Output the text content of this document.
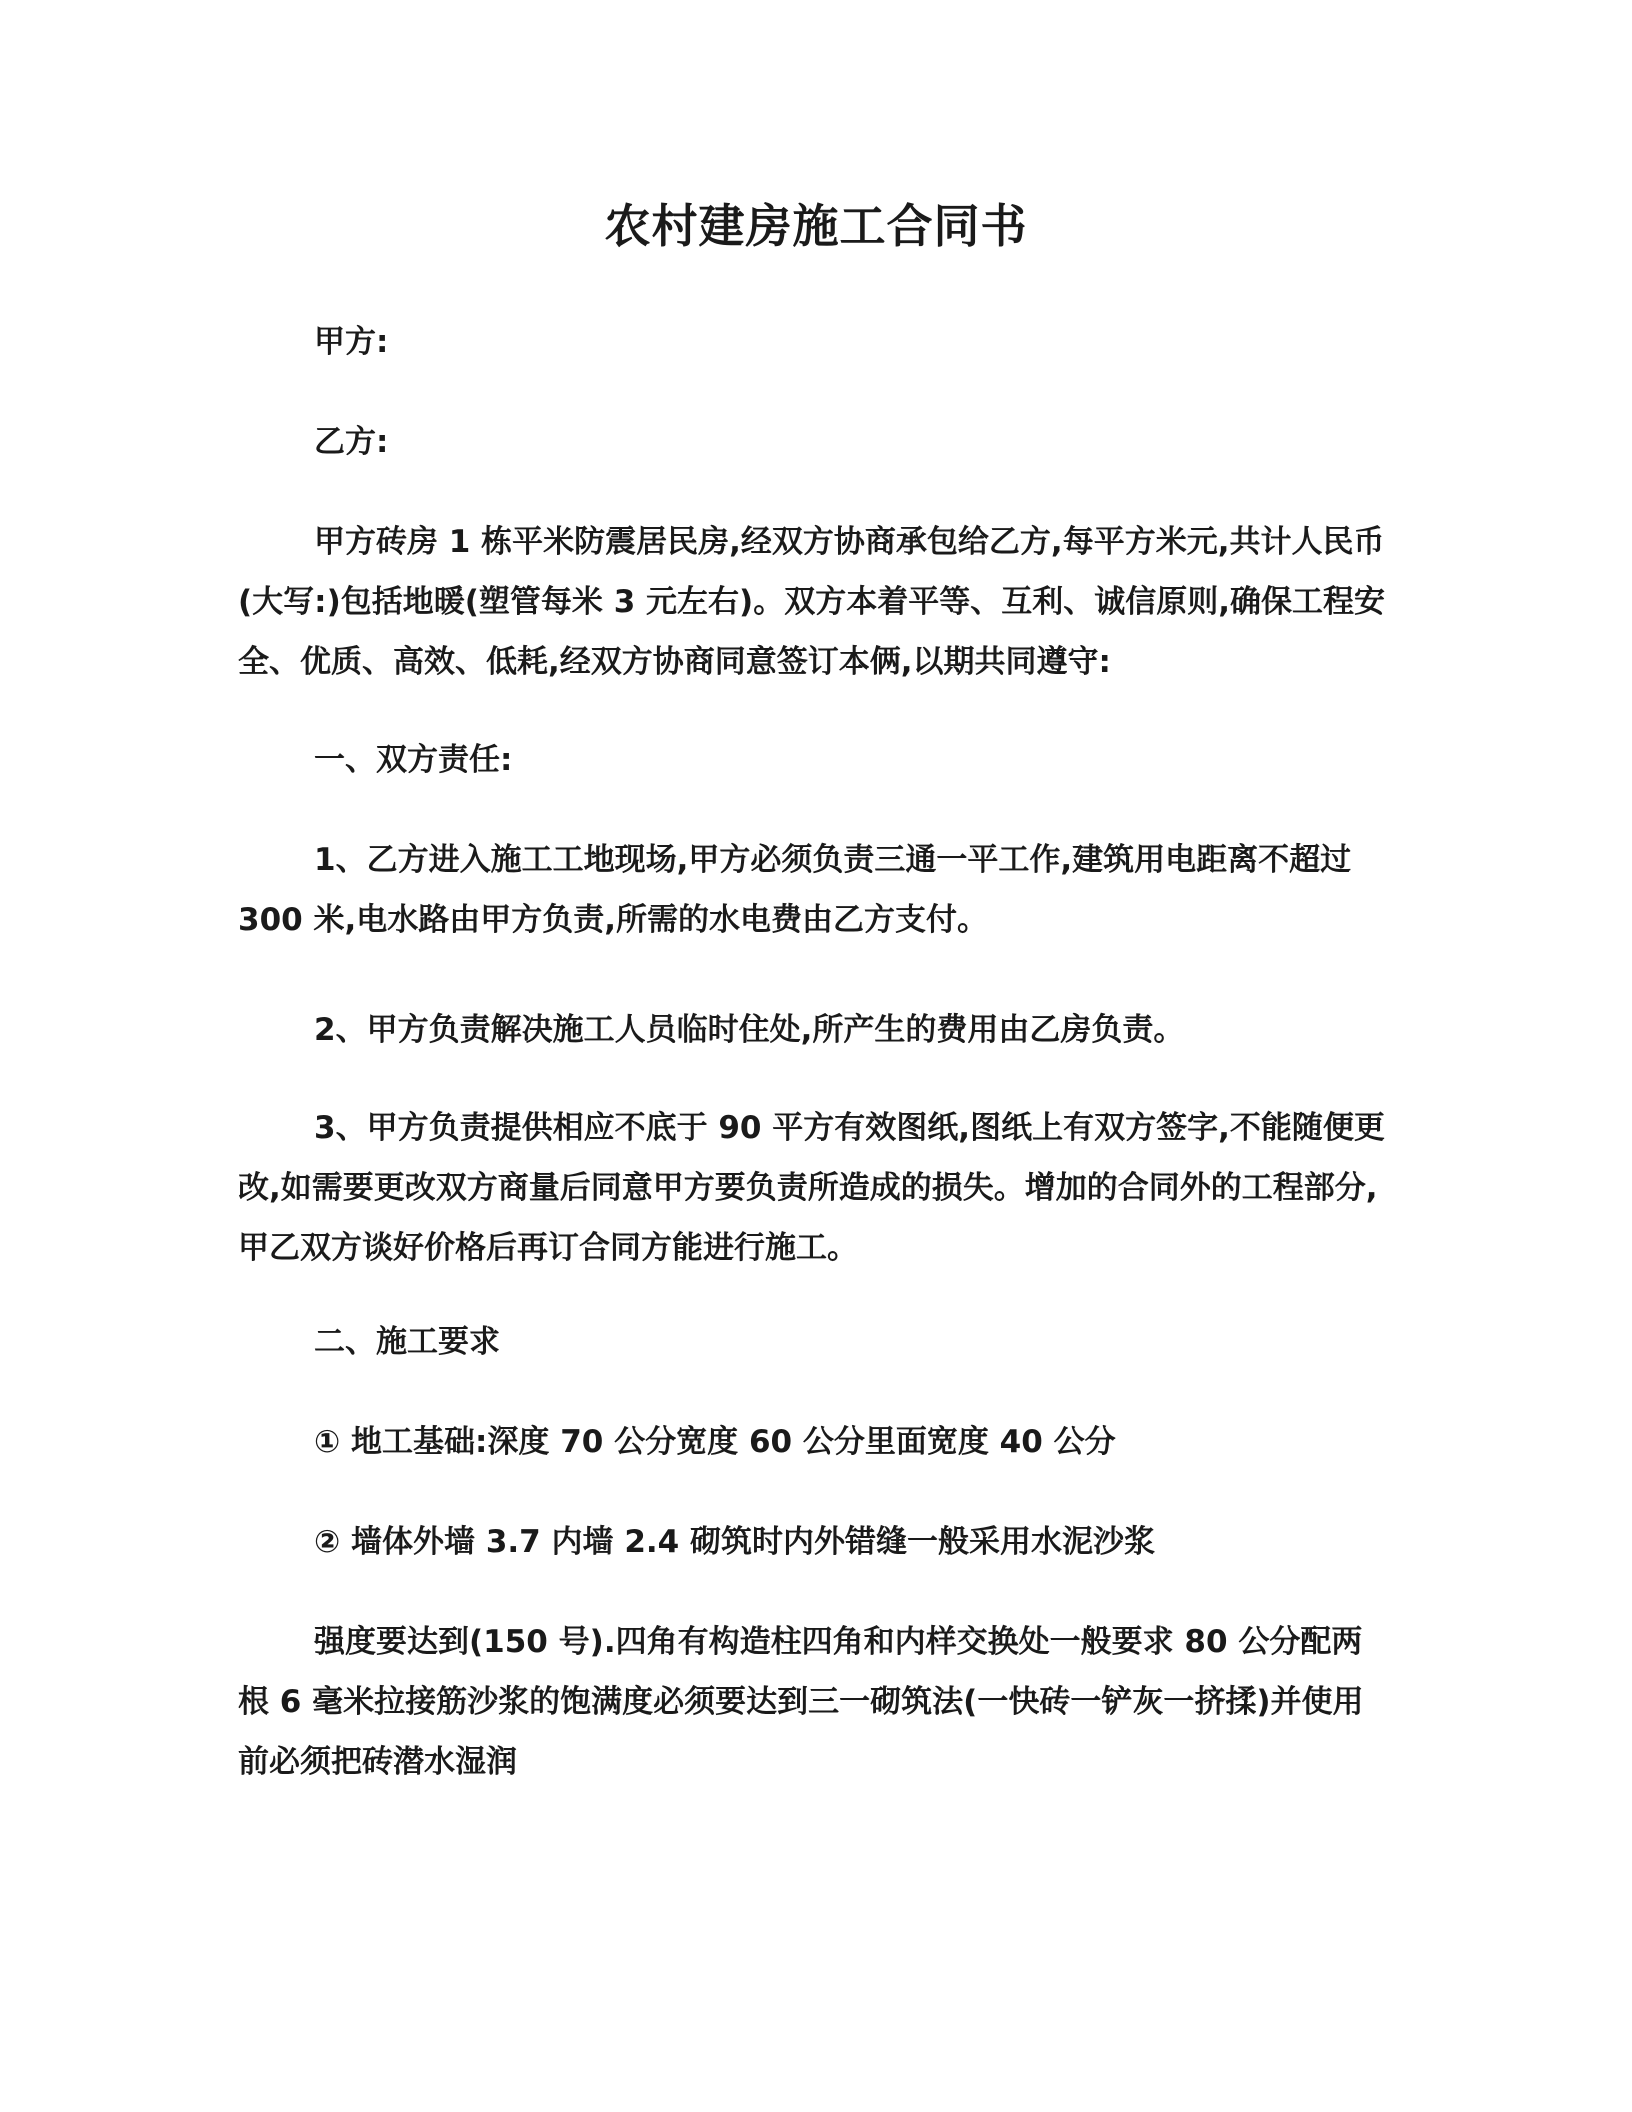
农村建房施工合同书
甲方:
乙方:
甲方砖房 1 栋平米防震居民房,经双方协商承包给乙方,每平方米元,共计人民币(大写:)包括地暖(塑管每米 3 元左右)。双方本着平等、互利、诚信原则,确保工程安全、优质、高效、低耗,经双方协商同意签订本俩,以期共同遵守:
一、双方责任:
1、乙方进入施工工地现场,甲方必须负责三通一平工作,建筑用电距离不超过 300 米,电水路由甲方负责,所需的水电费由乙方支付。
2、甲方负责解决施工人员临时住处,所产生的费用由乙房负责。
3、甲方负责提供相应不底于 90 平方有效图纸,图纸上有双方签字,不能随便更改,如需要更改双方商量后同意甲方要负责所造成的损失。增加的合同外的工程部分,甲乙双方谈好价格后再订合同方能进行施工。
二、施工要求
① 地工基础:深度 70 公分宽度 60 公分里面宽度 40 公分
② 墙体外墙 3.7 内墙 2.4 砌筑时内外错缝一般采用水泥沙浆
强度要达到(150 号).四角有构造柱四角和内样交换处一般要求 80 公分配两根 6 毫米拉接筋沙浆的饱满度必须要达到三一砌筑法(一快砖一铲灰一挤揉)并使用前必须把砖潜水湿润
